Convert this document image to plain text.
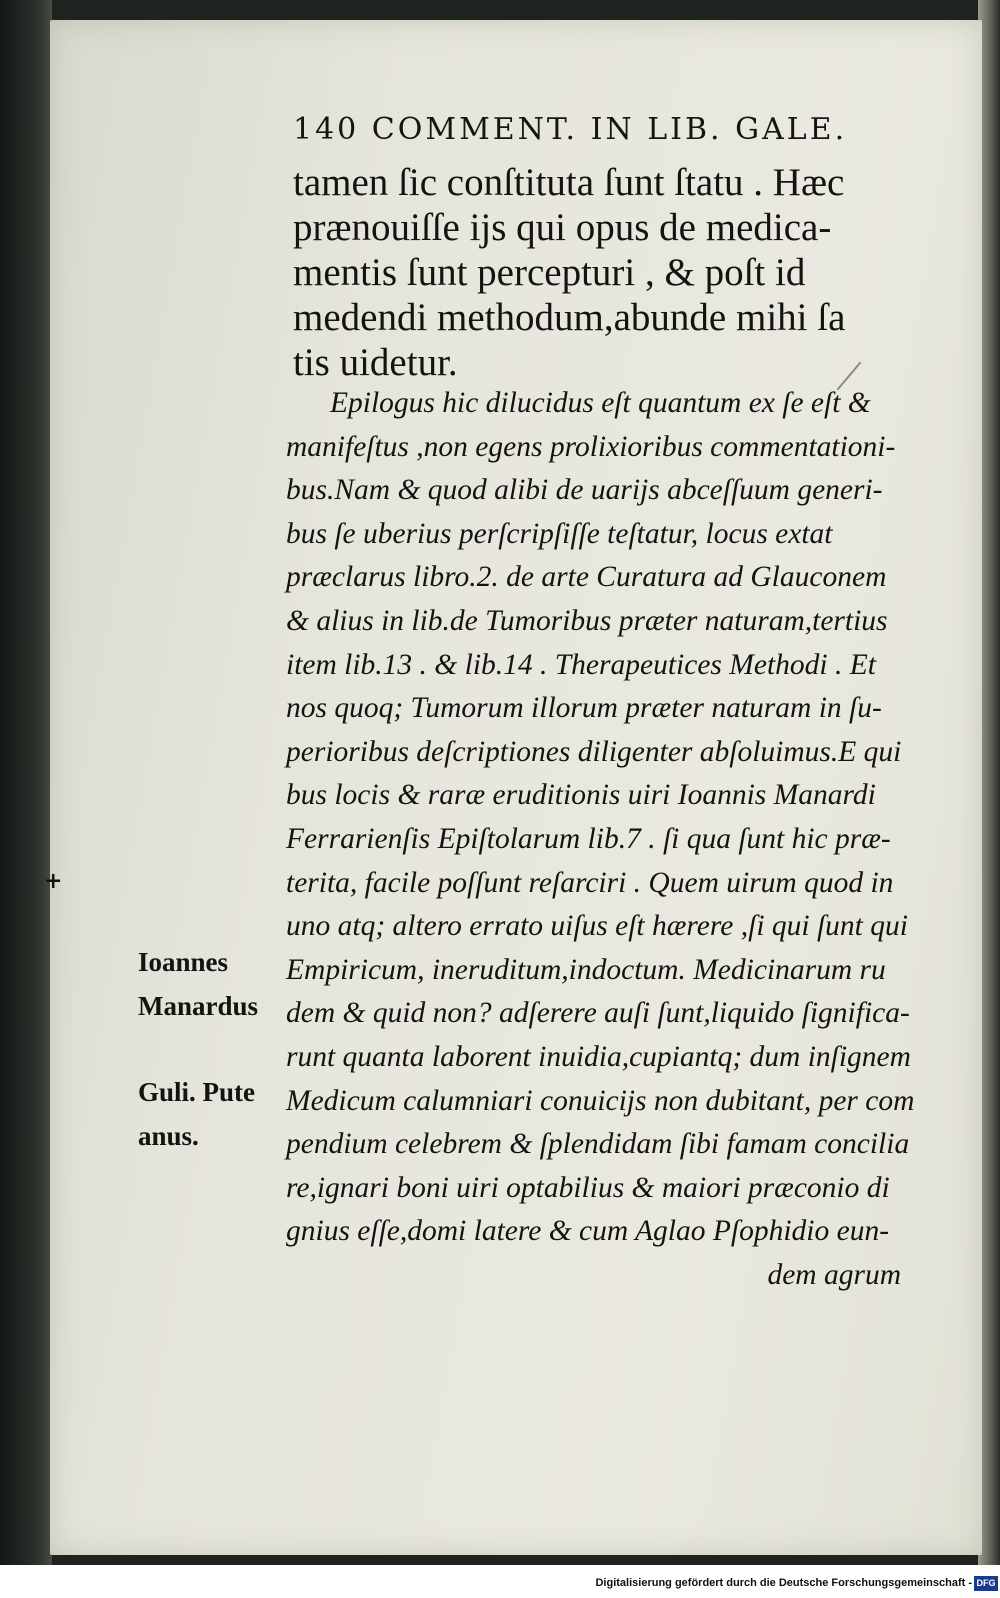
140 COMMENT. IN LIB. GALE.
tamen ſic conſtituta ſunt ſtatu . Hæc
prænouiſſe ijs qui opus de medica-
mentis ſunt percepturi , & poſt id
medendi methodum,abunde mihi ſa
tis uidetur.
Epilogus hic dilucidus eſt quantum ex ſe eſt &
manifeſtus ,non egens prolixioribus commentationi-
bus.Nam & quod alibi de uarijs abceſſuum generi-
bus ſe uberius perſcripſiſſe teſtatur, locus extat
præclarus libro.2. de arte Curatura ad Glauconem
& alius in lib.de Tumoribus præter naturam,tertius
item lib.13 . & lib.14 . Therapeutices Methodi . Et
nos quoq; Tumorum illorum præter naturam in ſu-
perioribus deſcriptiones diligenter abſoluimus.E qui
bus locis & raræ eruditionis uiri Ioannis Manardi
Ferrarienſis Epiſtolarum lib.7 . ſi qua ſunt hic præ-
terita, facile poſſunt reſarciri . Quem uirum quod in
uno atq; altero errato uiſus eſt hærere ,ſi qui ſunt qui
Empiricum, ineruditum,indoctum. Medicinarum ru
dem & quid non? adſerere auſi ſunt,liquido ſignifica-
runt quanta laborent inuidia,cupiantq; dum inſignem
Medicum calumniari conuicijs non dubitant, per com
pendium celebrem & ſplendidam ſibi famam concilia
re,ignari boni uiri optabilius & maiori præconio di
gnius eſſe,domi latere & cum Aglao Pſophidio eun-
dem agrum
+
Ioannes
Manardus
Guli. Pute
anus.
Digitalisierung gefördert durch die Deutsche Forschungsgemeinschaft - DFG
